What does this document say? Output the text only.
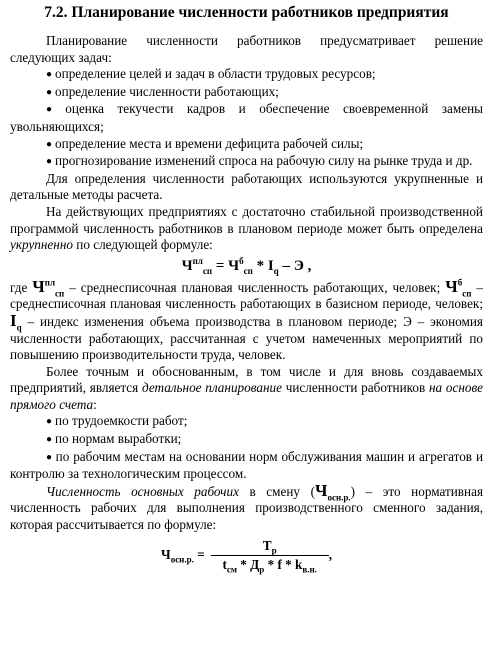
7.2. Планирование численности работников предприятия

Планирование численности работников предусматривает решение следующих задач:

● определение целей и задач в области трудовых ресурсов;

● определение численности работающих;

● оценка текучести кадров и обеспечение своевременной замены увольняющихся;

● определение места и времени дефицита рабочей силы;

● прогнозирование изменений спроса на рабочую силу на рынке труда и др.

Для определения численности работающих используются укрупненные и детальные методы расчета.

На действующих предприятиях с достаточно стабильной производственной программой численность работников в плановом периоде может быть определена укрупненно по следующей формуле:

$Ч^{пл}_{сп} = Ч^б_{сп} * I_q - Э$ ,

где $Ч^{пл}_{сп}$ – среднесписочная плановая численность работающих, человек; $Ч^б_{сп}$ – среднесписочная плановая численность работающих в базисном периоде, человек; $I_q$ – индекс изменения объема производства в плановом периоде; Э – экономия численности работающих, рассчитанная с учетом намеченных мероприятий по повышению производительности труда, человек.

Более точным и обоснованным, в том числе и для вновь создаваемых предприятий, является детальное планирование численности работников на основе прямого счета:

● по трудоемкости работ;

● по нормам выработки;

● по рабочим местам на основании норм обслуживания машин и агрегатов и контролю за технологическим процессом.

Численность основных рабочих в смену $(Ч_{осн.р.})$ – это нормативная численность рабочих для выполнения производственного сменного задания, которая рассчитывается по формуле:

$Ч_{осн.р.} = \frac{Т_р}{t_{см} * Д_р * f * k_{в.н.}}$ ,
